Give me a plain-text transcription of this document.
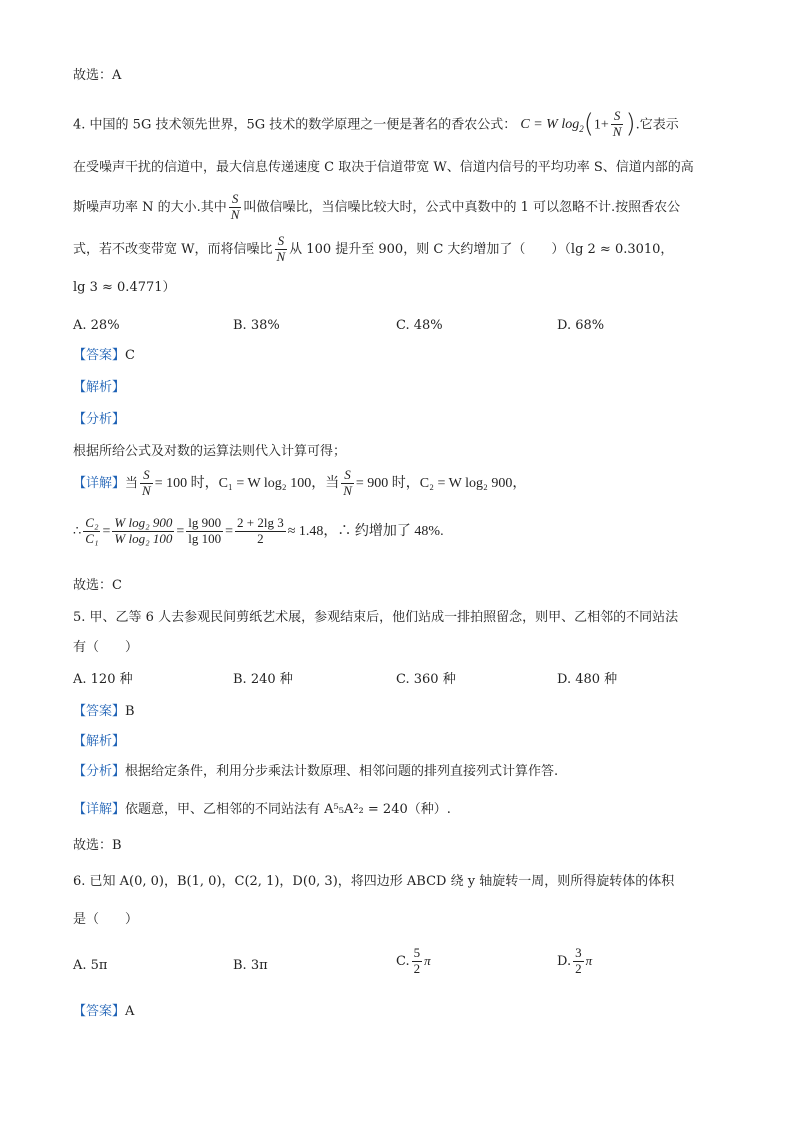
故选：A
4. 中国的 5G 技术领先世界，5G 技术的数学原理之一便是著名的香农公式： C = W $\log_2(1+ \frac{S}{N}$ ).它表示
在受噪声干扰的信道中，最大信息传递速度 C 取决于信道带宽 W、信道内信号的平均功率 S、信道内部的高
斯噪声功率 N 的大小.其中 $\frac{S}{N}$ 叫做信噪比，当信噪比较大时，公式中真数中的 1 可以忽略不计.按照香农公
式，若不改变带宽 W，而将信噪比 $\frac{S}{N}$ 从 100 提升至 900，则 C 大约增加了（　　）（lg 2 ≈ 0.3010，
lg 3 ≈ 0.4771）
A. 28%	B. 38%	C. 48%	D. 68%
【答案】C
【解析】
【分析】
根据所给公式及对数的运算法则代入计算可得；
【详解】当 $\frac{S}{N} = 100$ 时，C₁ = W log₂ 100，当 $\frac{S}{N} = 900$ 时，C₂ = W log₂ 900，
∴ $\frac{\text{C₂}}{\text{C₁}} = \frac{\text{W log₂ 900}}{\text{W log₂ 100}} = \frac{\lg 900}{\lg 100} = \frac{2 + 2\lg 3}{2} \approx 1.48$，∴ 约增加了 48%.
故选：C
5. 甲、乙等 6 人去参观民间剪纸艺术展，参观结束后，他们站成一排拍照留念，则甲、乙相邻的不同站法
有（　　）
A. 120 种	B. 240 种	C. 360 种	D. 480 种
【答案】B
【解析】
【分析】根据给定条件，利用分步乘法计数原理、相邻问题的排列直接列式计算作答.
【详解】依题意，甲、乙相邻的不同站法有 A⁵₅A²₂ = 240（种）.
故选：B
6. 已知 A(0, 0)，B(1, 0)，C(2, 1)，D(0, 3)，将四边形 ABCD 绕 y 轴旋转一周，则所得旋转体的体积
是（　　）
A. 5π	B. 3π	C. $\frac{5}{2}$ π	D. $\frac{3}{2}$ π
【答案】A
